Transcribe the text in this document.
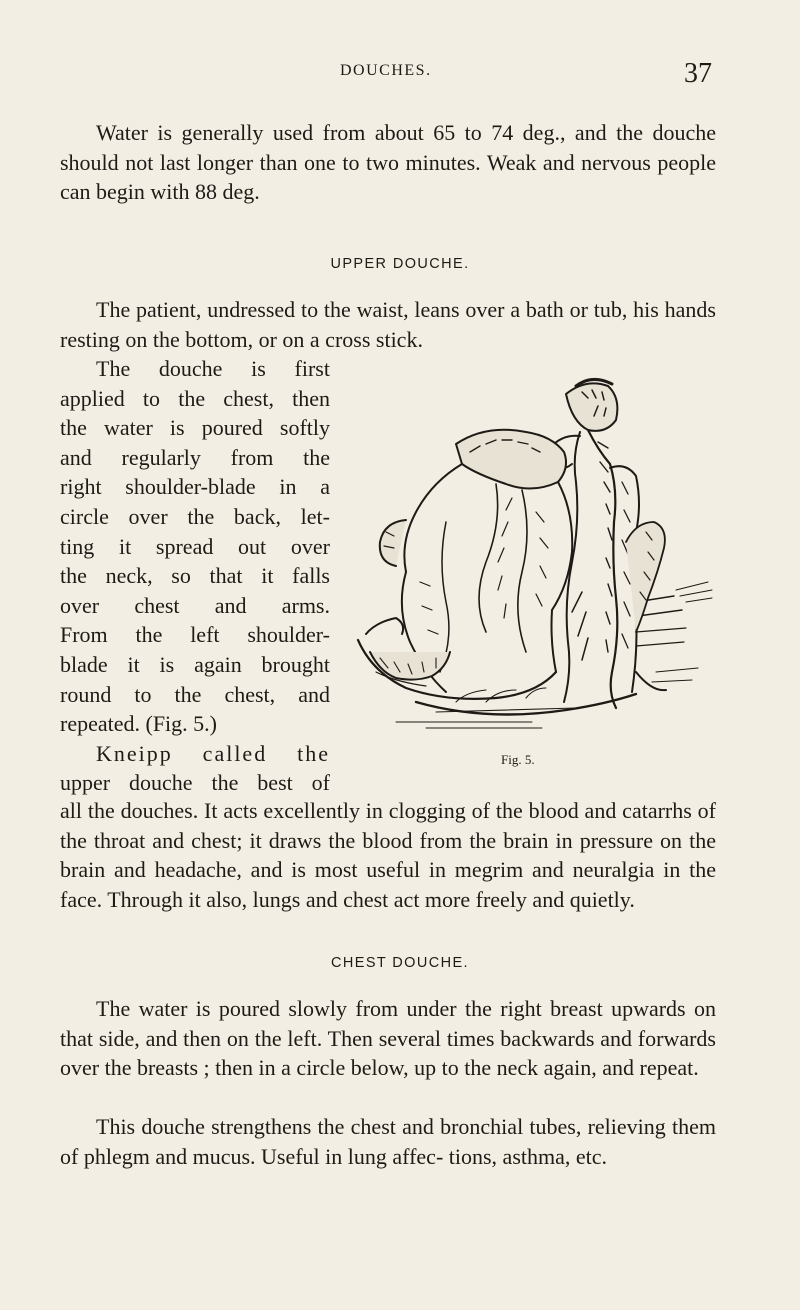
DOUCHES.	37

Water is generally used from about 65 to 74 deg., and the douche should not last longer than one to two minutes. Weak and nervous people can begin with 88 deg.

UPPER DOUCHE.

The patient, undressed to the waist, leans over a bath or tub, his hands resting on the bottom, or on a cross stick.

The douche is first
applied to the chest, then
the water is poured softly
and regularly from the
right shoulder-blade in a
circle over the back, let-
ting it spread out over
the neck, so that it falls
over chest and arms.
From the left shoulder-
blade it is again brought
round to the chest, and
repeated. (Fig. 5.)
Kneipp called the
upper douche the best of
Fig. 5.

all the douches. It acts excellently in clogging of the blood and catarrhs of the throat and chest; it draws the blood from the brain in pressure on the brain and headache, and is most useful in megrim and neuralgia in the face. Through it also, lungs and chest act more freely and quietly.

CHEST DOUCHE.

The water is poured slowly from under the right breast upwards on that side, and then on the left. Then several times backwards and forwards over the breasts ; then in a circle below, up to the neck again, and repeat.

This douche strengthens the chest and bronchial tubes, relieving them of phlegm and mucus. Useful in lung affec- tions, asthma, etc.
